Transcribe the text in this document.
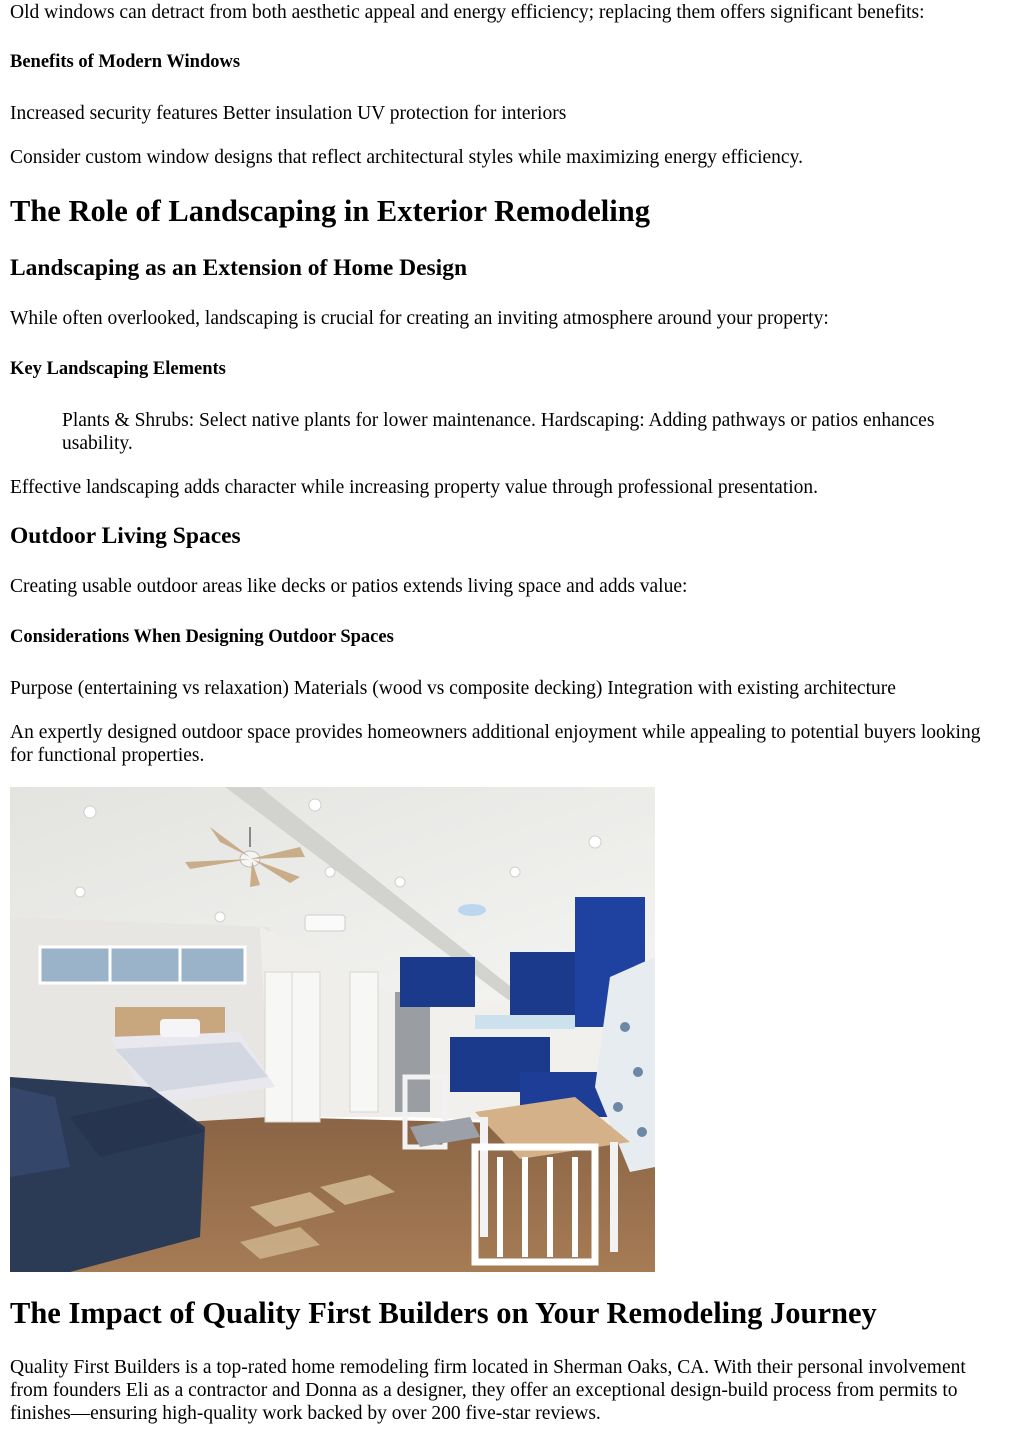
Old windows can detract from both aesthetic appeal and energy efficiency; replacing them offers significant benefits:

Benefits of Modern Windows

Increased security features Better insulation UV protection for interiors

Consider custom window designs that reflect architectural styles while maximizing energy efficiency.

The Role of Landscaping in Exterior Remodeling
Landscaping as an Extension of Home Design

While often overlooked, landscaping is crucial for creating an inviting atmosphere around your property:

Key Landscaping Elements

Plants & Shrubs: Select native plants for lower maintenance. Hardscaping: Adding pathways or patios enhances usability.

Effective landscaping adds character while increasing property value through professional presentation.

Outdoor Living Spaces

Creating usable outdoor areas like decks or patios extends living space and adds value:

Considerations When Designing Outdoor Spaces

Purpose (entertaining vs relaxation) Materials (wood vs composite decking) Integration with existing architecture

An expertly designed outdoor space provides homeowners additional enjoyment while appealing to potential buyers looking for functional properties.

The Impact of Quality First Builders on Your Remodeling Journey

Quality First Builders is a top-rated home remodeling firm located in Sherman Oaks, CA. With their personal involvement from founders Eli as a contractor and Donna as a designer, they offer an exceptional design-build process from permits to finishes—ensuring high-quality work backed by over 200 five-star reviews.
